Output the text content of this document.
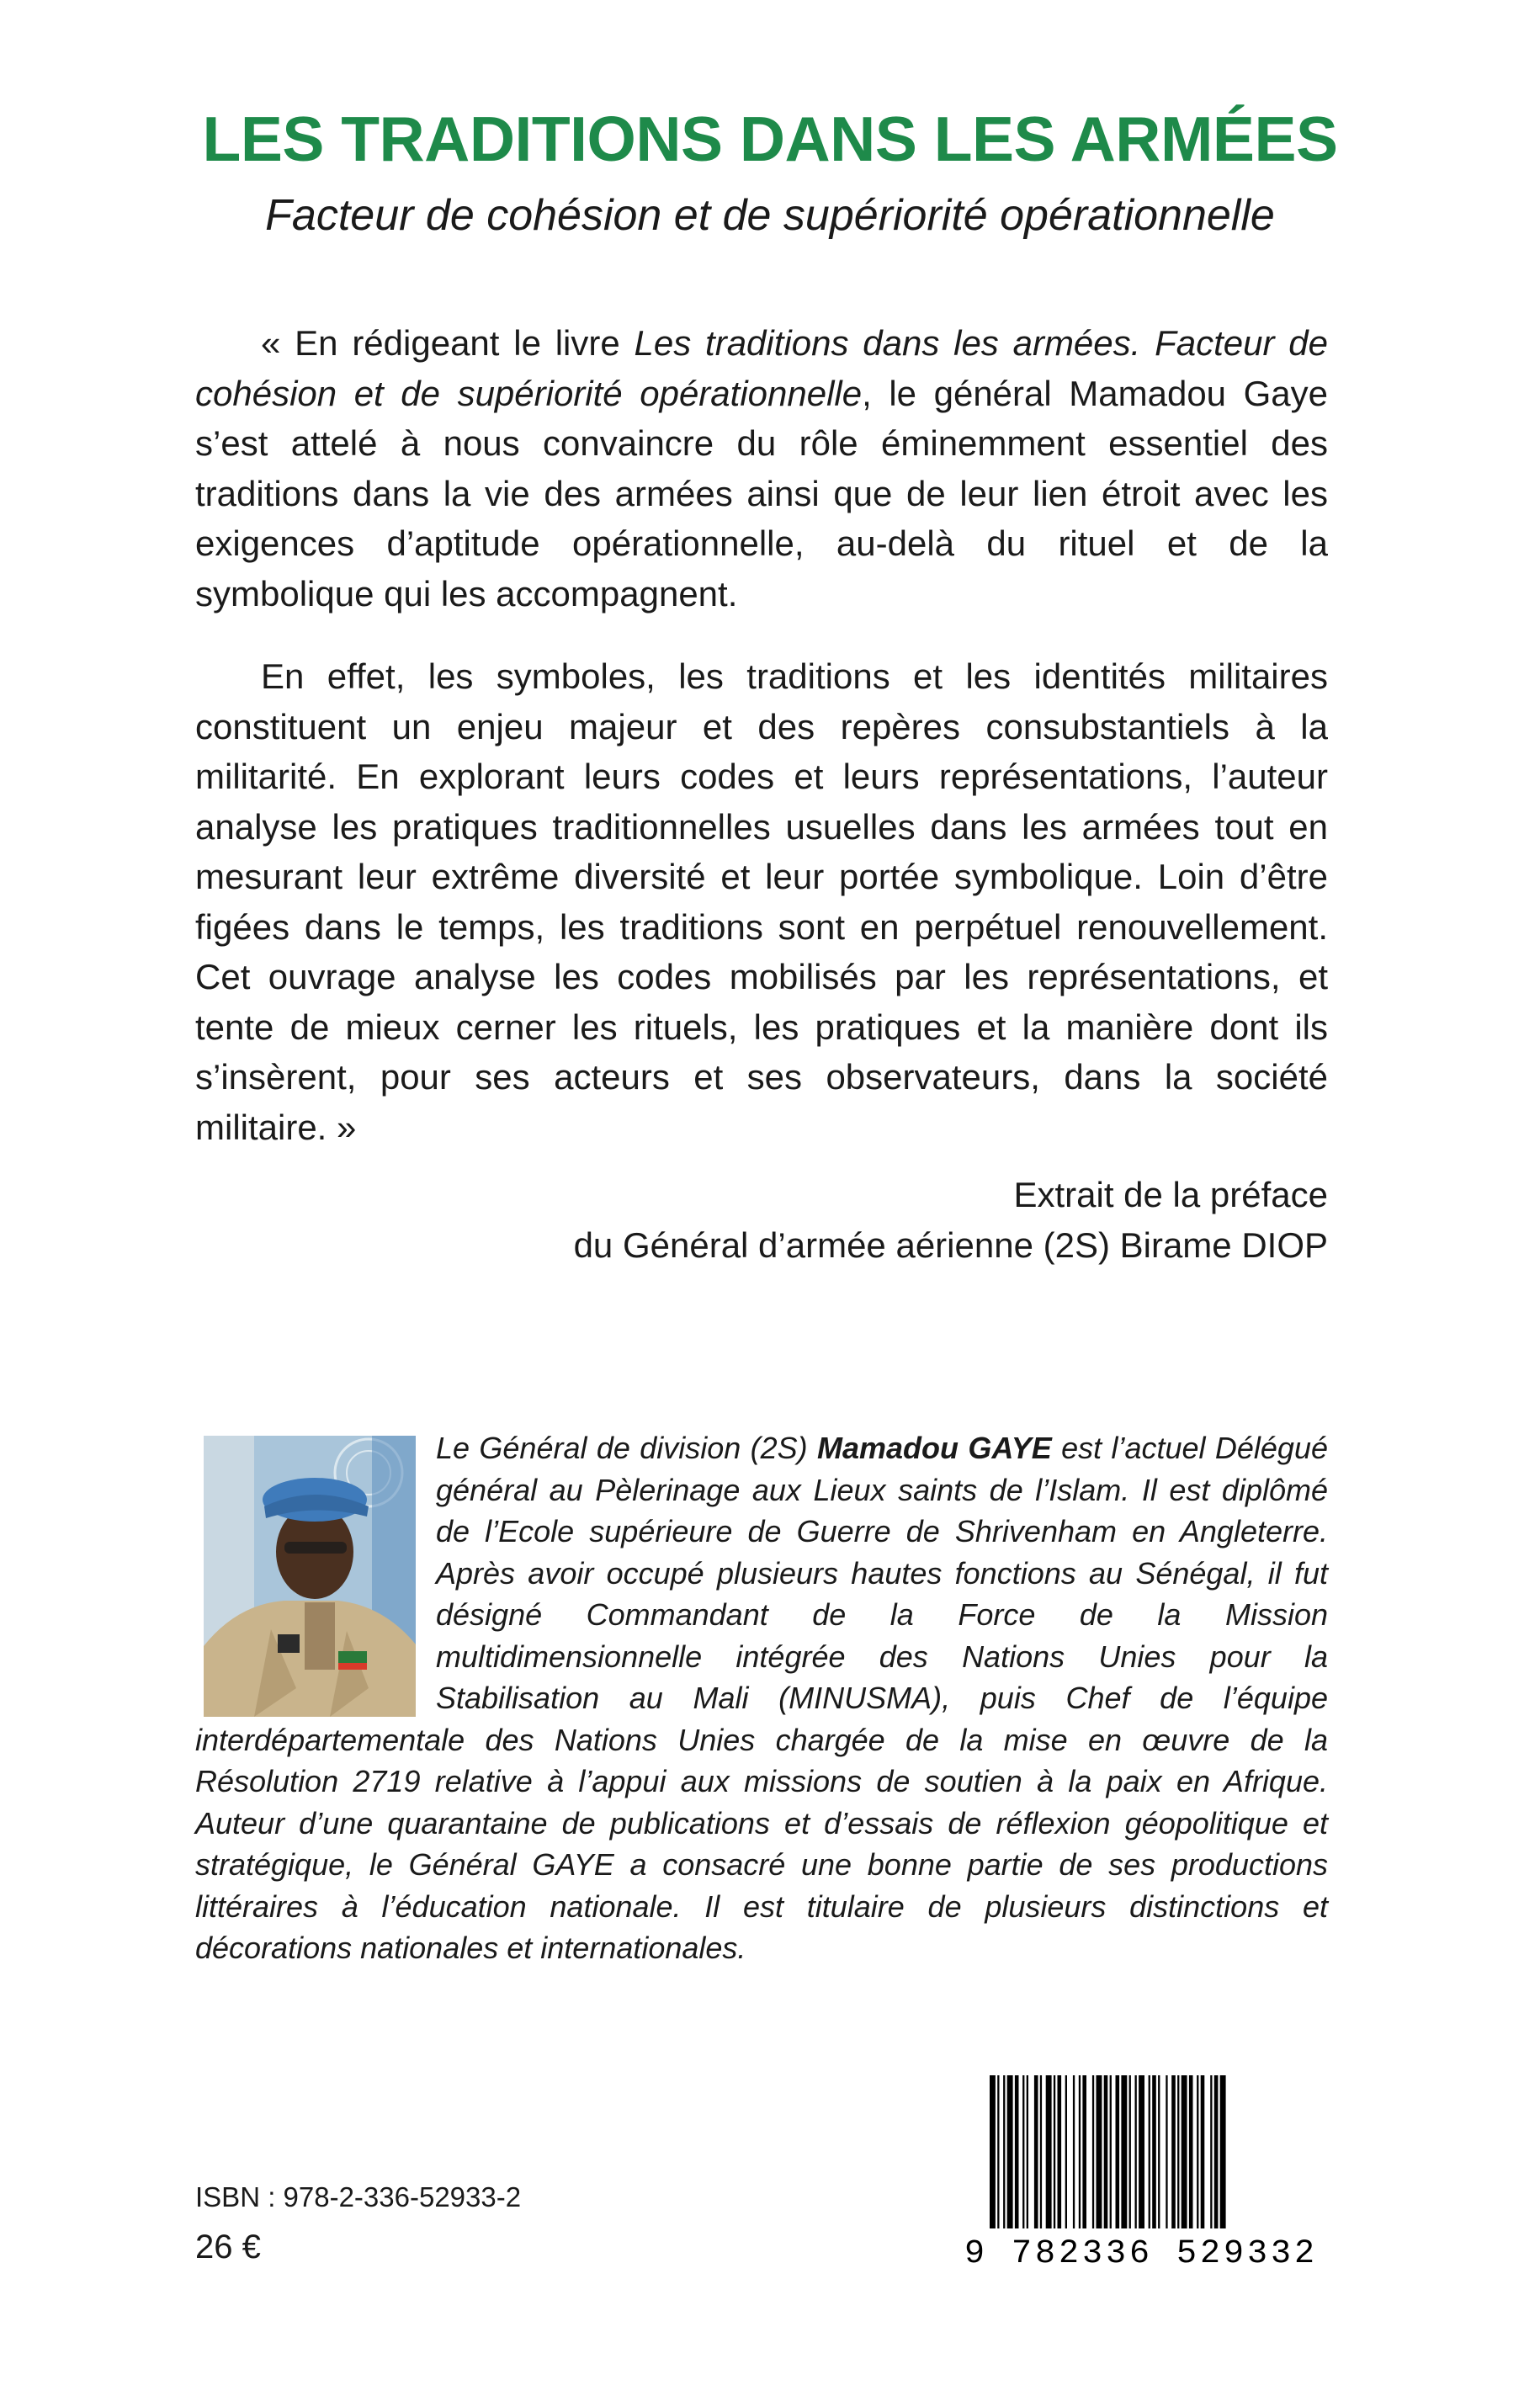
LES TRADITIONS DANS LES ARMÉES

Facteur de cohésion et de supériorité opérationnelle

« En rédigeant le livre Les traditions dans les armées. Facteur de cohésion et de supériorité opérationnelle, le général Mamadou Gaye s’est attelé à nous convaincre du rôle éminemment essentiel des traditions dans la vie des armées ainsi que de leur lien étroit avec les exigences d’aptitude opérationnelle, au-delà du rituel et de la symbolique qui les accompagnent.

En effet, les symboles, les traditions et les identités militaires constituent un enjeu majeur et des repères consubstantiels à la militarité. En explorant leurs codes et leurs représentations, l’auteur analyse les pratiques traditionnelles usuelles dans les armées tout en mesurant leur extrême diversité et leur portée symbolique. Loin d’être figées dans le temps, les traditions sont en perpétuel renouvellement. Cet ouvrage analyse les codes mobilisés par les représentations, et tente de mieux cerner les rituels, les pratiques et la manière dont ils s’insèrent, pour ses acteurs et ses observateurs, dans la société militaire. »

Extrait de la préface
du Général d’armée aérienne (2S) Birame DIOP

Le Général de division (2S) Mamadou GAYE est l’actuel Délégué général au Pèlerinage aux Lieux saints de l’Islam. Il est diplômé de l’Ecole supérieure de Guerre de Shrivenham en Angleterre. Après avoir occupé plusieurs hautes fonctions au Sénégal, il fut désigné Commandant de la Force de la Mission multidimensionnelle intégrée des Nations Unies pour la Stabilisation au Mali (MINUSMA), puis Chef de l’équipe interdépartementale des Nations Unies chargée de la mise en œuvre de la Résolution 2719 relative à l’appui aux missions de soutien à la paix en Afrique. Auteur d’une quarantaine de publications et d’essais de réflexion géopolitique et stratégique, le Général GAYE a consacré une bonne partie de ses productions littéraires à l’éducation nationale. Il est titulaire de plusieurs distinctions et décorations nationales et internationales.

ISBN : 978-2-336-52933-2

26 €	9 782336 529332
